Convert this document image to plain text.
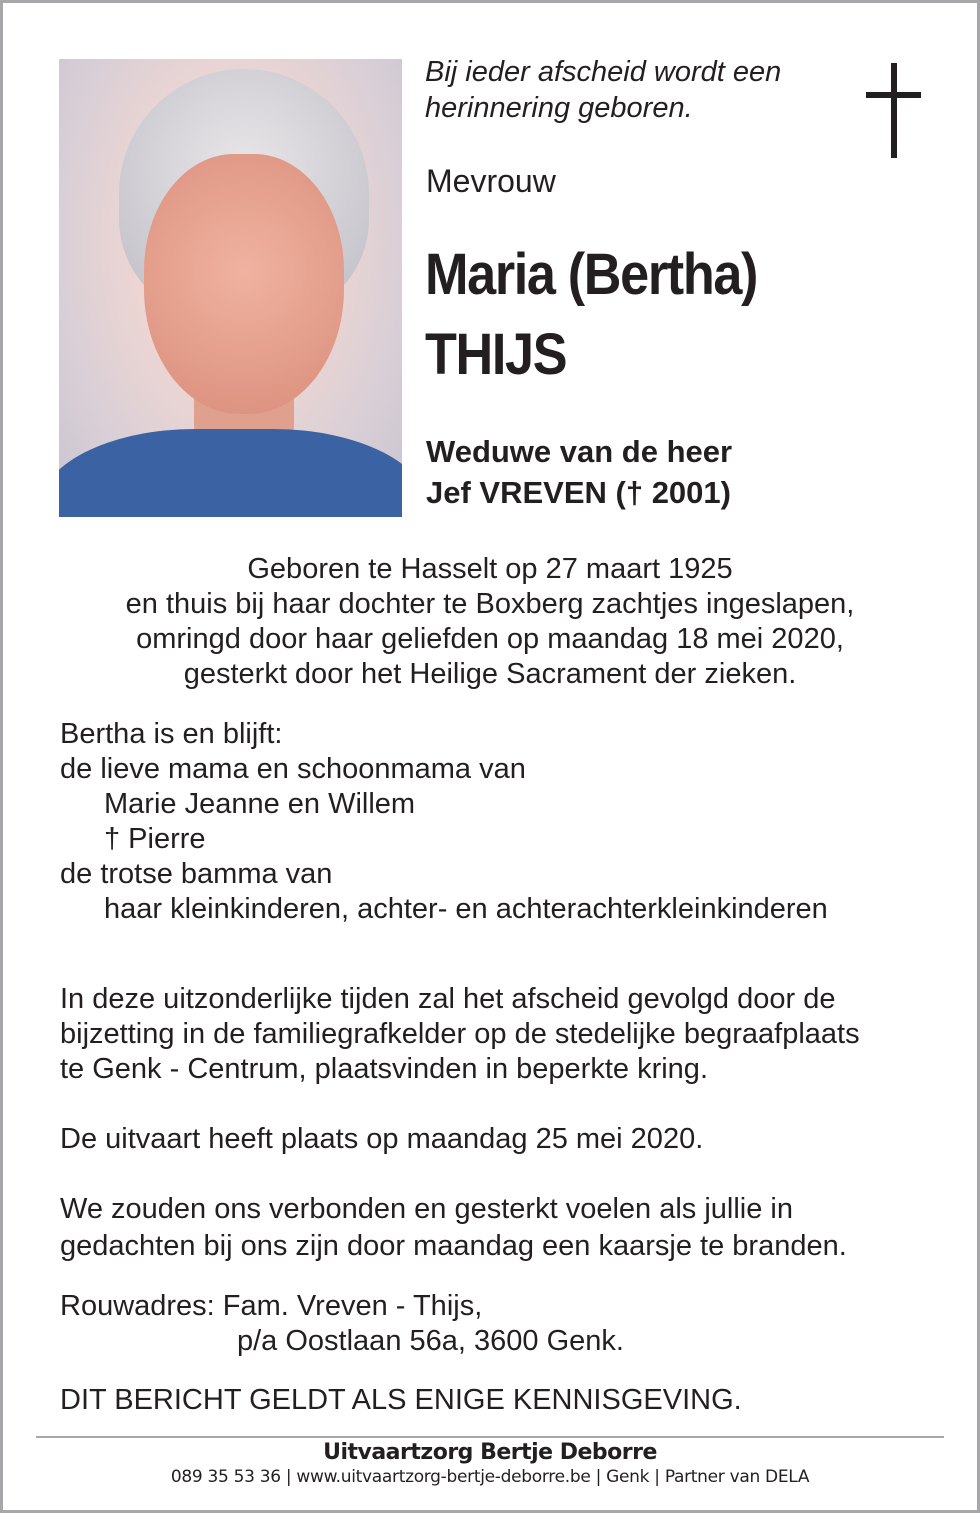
Bij ieder afscheid wordt een herinnering geboren.
Mevrouw
Maria (Bertha)
THIJS
Weduwe van de heer
Jef VREVEN († 2001)
Geboren te Hasselt op 27 maart 1925
en thuis bij haar dochter te Boxberg zachtjes ingeslapen,
omringd door haar geliefden op maandag 18 mei 2020,
gesterkt door het Heilige Sacrament der zieken.
Bertha is en blijft:
de lieve mama en schoonmama van
Marie Jeanne en Willem
† Pierre
de trotse bamma van
haar kleinkinderen, achter- en achterachterkleinkinderen
In deze uitzonderlijke tijden zal het afscheid gevolgd door de
bijzetting in de familiegrafkelder op de stedelijke begraafplaats
te Genk - Centrum, plaatsvinden in beperkte kring.
De uitvaart heeft plaats op maandag 25 mei 2020.
We zouden ons verbonden en gesterkt voelen als jullie in
gedachten bij ons zijn door maandag een kaarsje te branden.
Rouwadres: Fam. Vreven - Thijs,
p/a Oostlaan 56a, 3600 Genk.
DIT BERICHT GELDT ALS ENIGE KENNISGEVING.
Uitvaartzorg Bertje Deborre
089 35 53 36 | www.uitvaartzorg-bertje-deborre.be | Genk | Partner van DELA
